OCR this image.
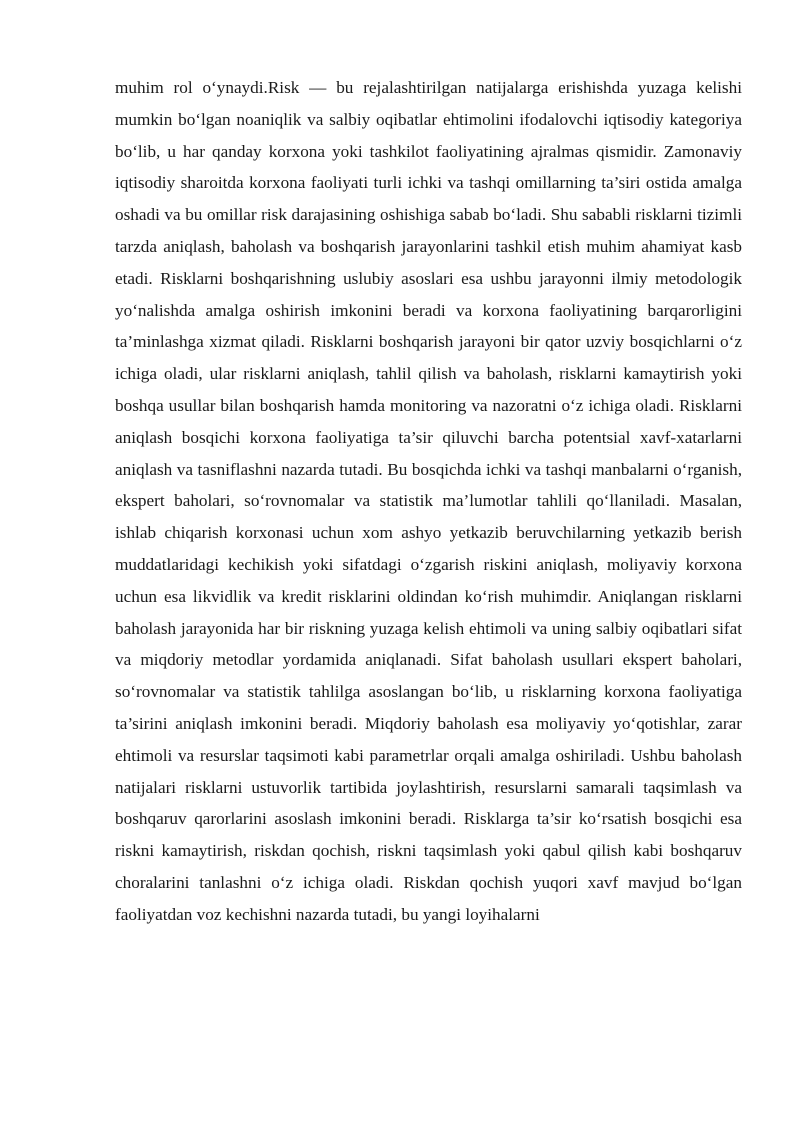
muhim rol o‘ynaydi.Risk — bu rejalashtirilgan natijalarga erishishda yuzaga kelishi mumkin bo‘lgan noaniqlik va salbiy oqibatlar ehtimolini ifodalovchi iqtisodiy kategoriya bo‘lib, u har qanday korxona yoki tashkilot faoliyatining ajralmas qismidir. Zamonaviy iqtisodiy sharoitda korxona faoliyati turli ichki va tashqi omillarning ta’siri ostida amalga oshadi va bu omillar risk darajasining oshishiga sabab bo‘ladi. Shu sababli risklarni tizimli tarzda aniqlash, baholash va boshqarish jarayonlarini tashkil etish muhim ahamiyat kasb etadi. Risklarni boshqarishning uslubiy asoslari esa ushbu jarayonni ilmiy metodologik yo‘nalishda amalga oshirish imkonini beradi va korxona faoliyatining barqarorligini ta’minlashga xizmat qiladi. Risklarni boshqarish jarayoni bir qator uzviy bosqichlarni o‘z ichiga oladi, ular risklarni aniqlash, tahlil qilish va baholash, risklarni kamaytirish yoki boshqa usullar bilan boshqarish hamda monitoring va nazoratni o‘z ichiga oladi. Risklarni aniqlash bosqichi korxona faoliyatiga ta’sir qiluvchi barcha potentsial xavf-xatarlarni aniqlash va tasniflashni nazarda tutadi. Bu bosqichda ichki va tashqi manbalarni o‘rganish, ekspert baholari, so‘rovnomalar va statistik ma’lumotlar tahlili qo‘llaniladi. Masalan, ishlab chiqarish korxonasi uchun xom ashyo yetkazib beruvchilarning yetkazib berish muddatlaridagi kechikish yoki sifatdagi o‘zgarish riskini aniqlash, moliyaviy korxona uchun esa likvidlik va kredit risklarini oldindan ko‘rish muhimdir. Aniqlangan risklarni baholash jarayonida har bir riskning yuzaga kelish ehtimoli va uning salbiy oqibatlari sifat va miqdoriy metodlar yordamida aniqlanadi. Sifat baholash usullari ekspert baholari, so‘rovnomalar va statistik tahlilga asoslangan bo‘lib, u risklarning korxona faoliyatiga ta’sirini aniqlash imkonini beradi. Miqdoriy baholash esa moliyaviy yo‘qotishlar, zarar ehtimoli va resurslar taqsimoti kabi parametrlar orqali amalga oshiriladi. Ushbu baholash natijalari risklarni ustuvorlik tartibida joylashtirish, resurslarni samarali taqsimlash va boshqaruv qarorlarini asoslash imkonini beradi. Risklarga ta’sir ko‘rsatish bosqichi esa riskni kamaytirish, riskdan qochish, riskni taqsimlash yoki qabul qilish kabi boshqaruv choralarini tanlashni o‘z ichiga oladi. Riskdan qochish yuqori xavf mavjud bo‘lgan faoliyatdan voz kechishni nazarda tutadi, bu yangi loyihalarni
